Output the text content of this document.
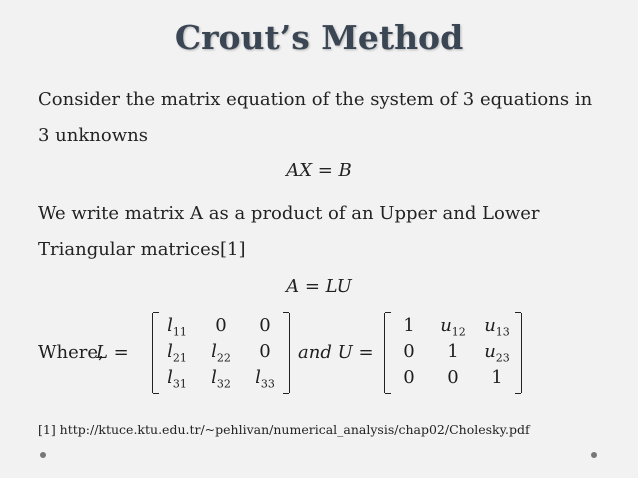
Crout’s Method
Consider the matrix equation of the system of 3 equations in
3 unknowns
AX = B
We write matrix A as a product of an Upper and Lower
Triangular matrices[1]
A = LU
Where,
L =
$l_{11}$	0	0
$l_{21}$	$l_{22}$	0
$l_{31}$	$l_{32}$	$l_{33}$
and U =
1	$u_{12}$	$u_{13}$
0	1	$u_{23}$
0	0	1
[1] http://ktuce.ktu.edu.tr/~pehlivan/numerical_analysis/chap02/Cholesky.pdf
